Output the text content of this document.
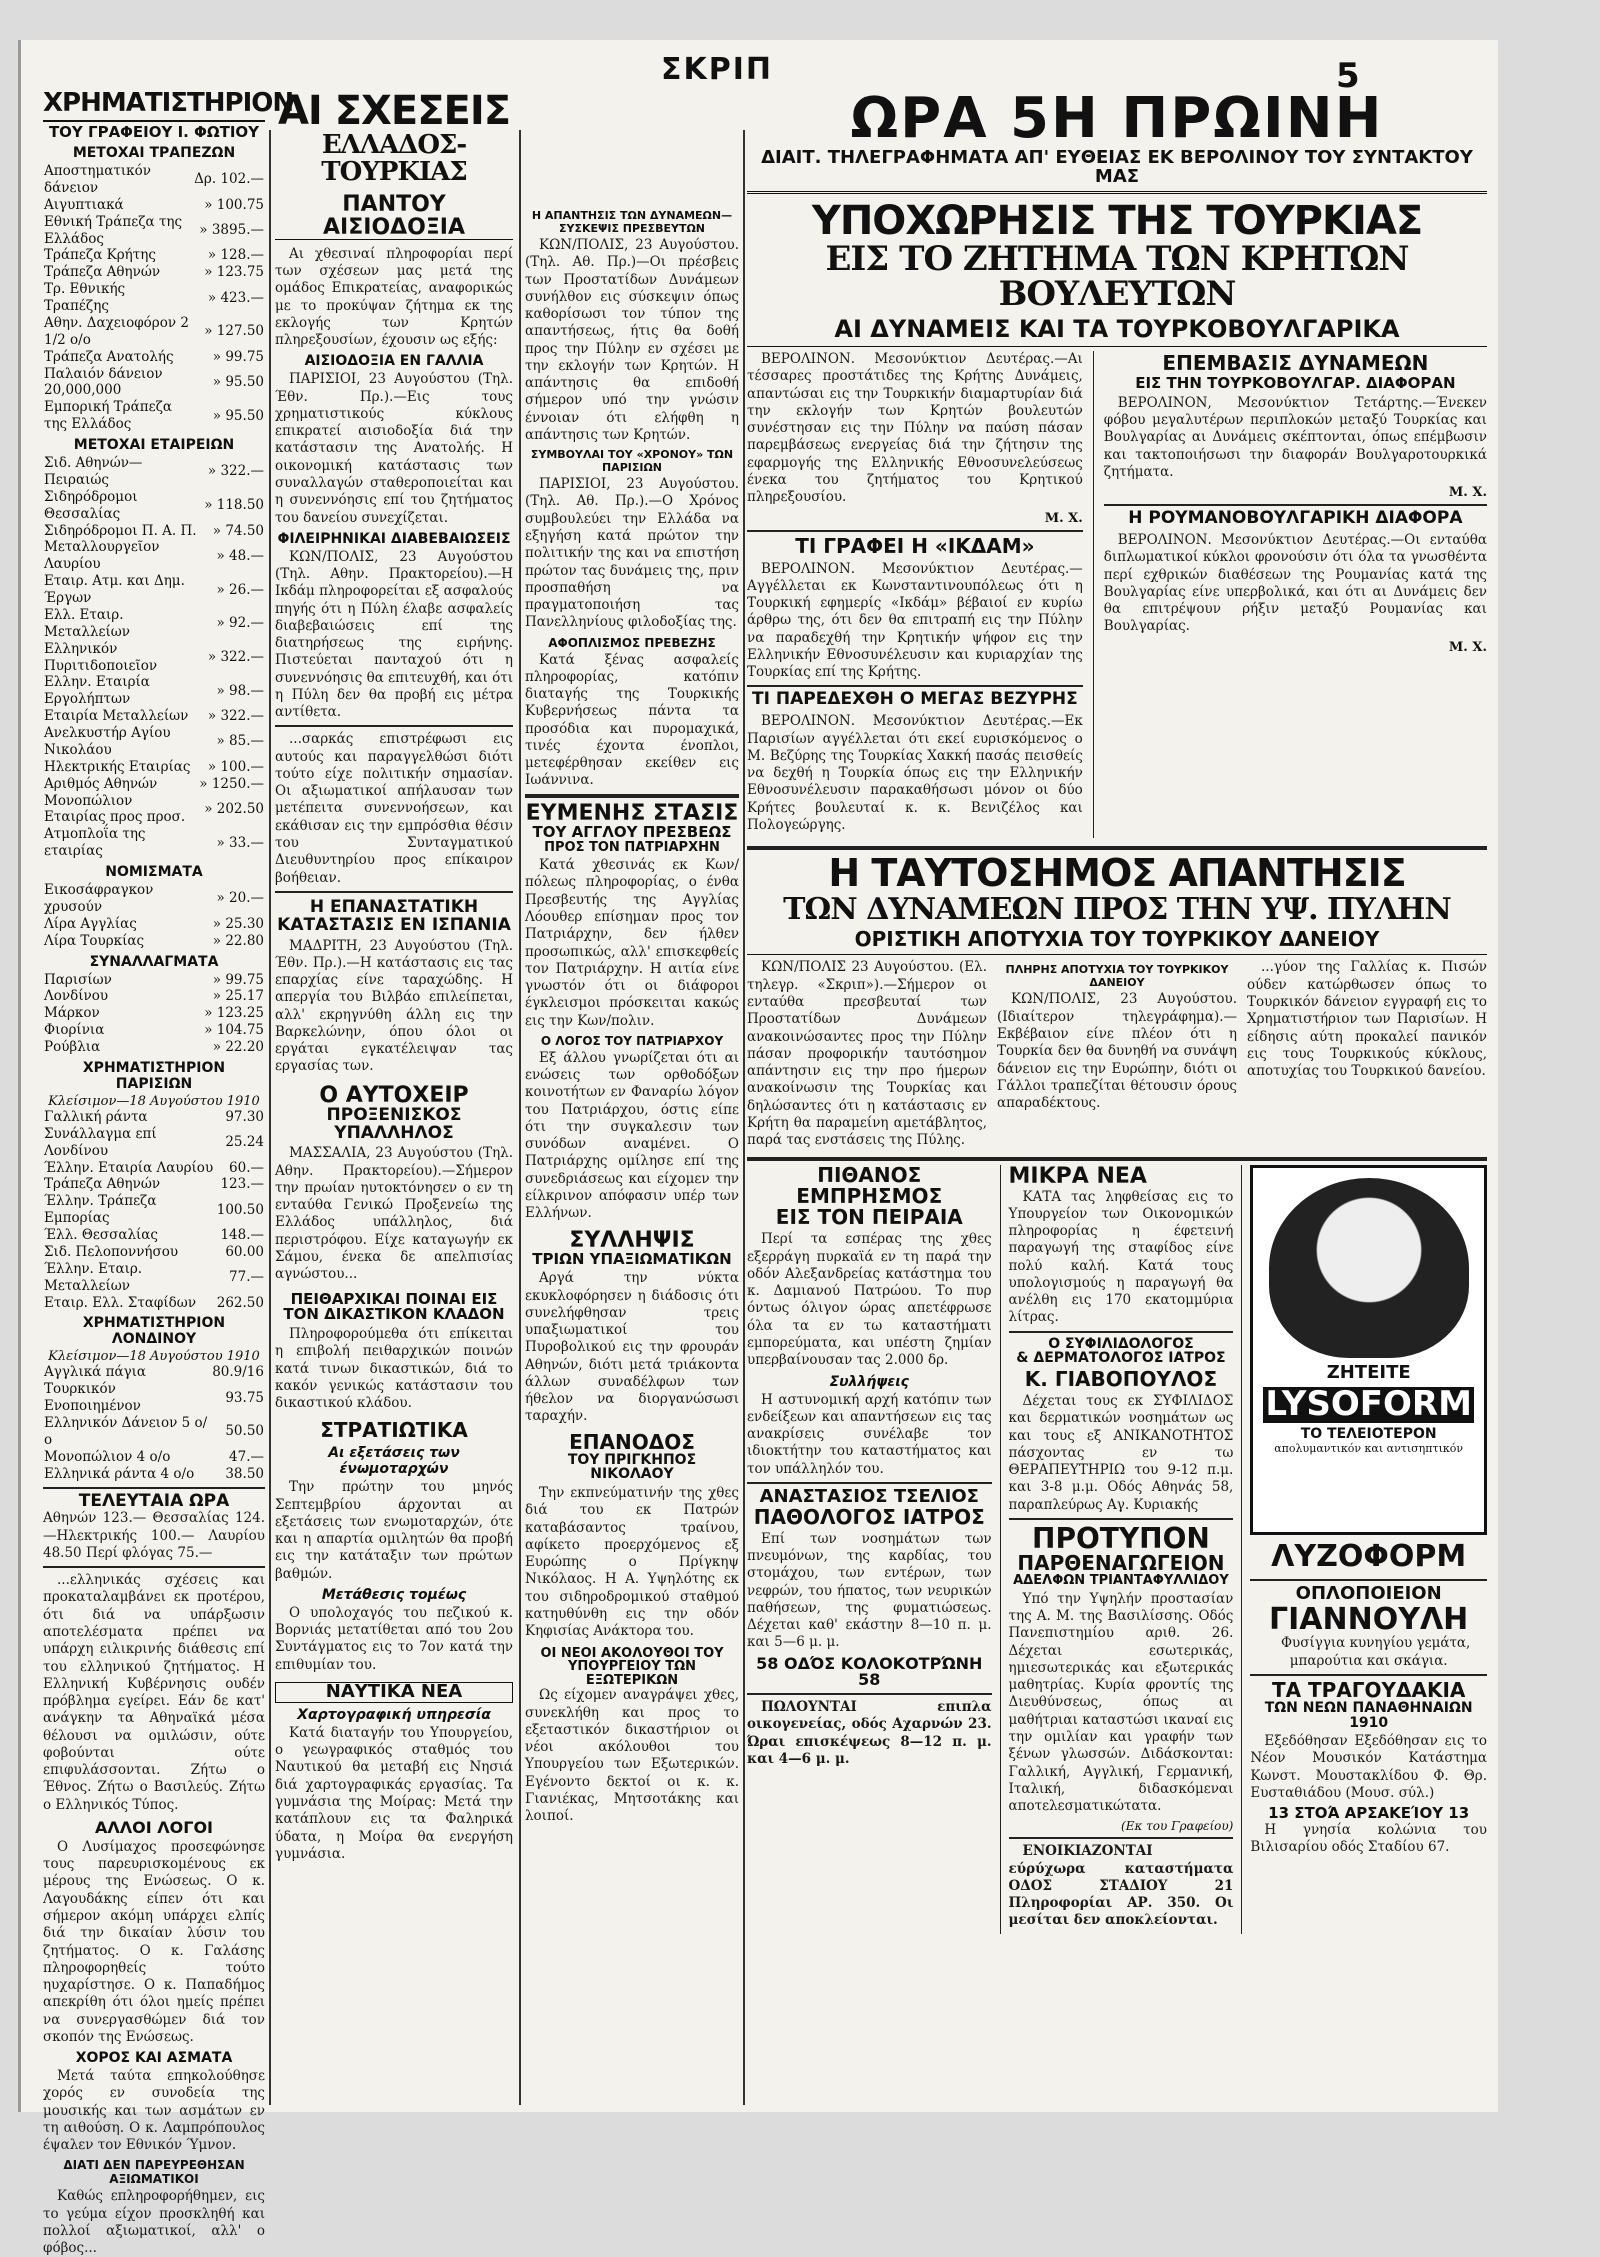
ΣΚΡΙΠ	5
ΧΡΗΜΑΤΙΣΤΗΡΙΟΝ
ΤΟΥ ΓΡΑΦΕΙΟΥ Ι. ΦΩΤΙΟΥ
ΜΕΤΟΧΑΙ ΤΡΑΠΕΖΩΝ
Αποστηματικόν δάνειον	Δρ. 102.—
Αιγυπτιακά	» 100.75
Εθνική Τράπεζα της Ελλάδος	» 3895.—
Τράπεζα Κρήτης	» 128.—
Τράπεζα Αθηνών	» 123.75
Τρ. Εθνικής Τραπέζης	» 423.—
Αθην. Δαχειοφόρον 2 1/2 ο/ο	» 127.50
Τράπεζα Ανατολής	» 99.75
Παλαιόν δάνειον 20,000,000	» 95.50
Εμπορική Τράπεζα της Ελλάδος	» 95.50
ΜΕΤΟΧΑΙ ΕΤΑΙΡΕΙΩΝ
Σιδ. Αθηνών—Πειραιώς	» 322.—
Σιδηρόδρομοι Θεσσαλίας	» 118.50
Σιδηρόδρομοι Π. Α. Π.	» 74.50
Μεταλλουργεῖον Λαυρίου	» 48.—
Εταιρ. Ατμ. και Δημ. Έργων	» 26.—
Ελλ. Εταιρ. Μεταλλείων	» 92.—
Ελληνικόν Πυριτιδοποιεῖον	» 322.—
Ελλην. Εταιρία Εργολήπτων	» 98.—
Εταιρία Μεταλλείων	» 322.—
Ανελκυστήρ Αγίου Νικολάου	» 85.—
Ηλεκτρικής Εταιρίας	» 100.—
Αριθμός Αθηνών	» 1250.—
Μονοπώλιον Εταιρίας προς προσ.	» 202.50
Ατμοπλοΐα της εταιρίας	» 33.—
ΝΟΜΙΣΜΑΤΑ
Εικοσάφραγκον χρυσούν	» 20.—
Λίρα Αγγλίας	» 25.30
Λίρα Τουρκίας	» 22.80
ΣΥΝΑΛΛΑΓΜΑΤΑ
Παρισίων	» 99.75
Λονδίνου	» 25.17
Μάρκον	» 123.25
Φιορίνια	» 104.75
Ρούβλια	» 22.20
ΧΡΗΜΑΤΙΣΤΗΡΙΟΝ ΠΑΡΙΣΙΩΝ
Κλείσιμον—18 Αυγούστου 1910
Γαλλική ράντα	97.30
Συνάλλαγμα επί Λονδίνου	25.24
Έλλην. Εταιρία Λαυρίου	60.—
Τράπεζα Αθηνών	123.—
Έλλην. Τράπεζα Εμπορίας	100.50
Έλλ. Θεσσαλίας	148.—
Σιδ. Πελοποννήσου	60.00
Έλλην. Εταιρ. Μεταλλείων	77.—
Εταιρ. Ελλ. Σταφίδων	262.50
ΧΡΗΜΑΤΙΣΤΗΡΙΟΝ ΛΟΝΔΙΝΟΥ
Κλείσιμον—18 Αυγούστου 1910
Αγγλικά πάγια	80.9/16
Τουρκικόν Ενοποιημένον	93.75
Ελληνικόν Δάνειον 5 ο/ο	50.50
Μονοπώλιον 4 ο/ο	47.—
Ελληνικά ράντα 4 ο/ο	38.50
ΤΕΛΕΥΤΑΙΑ ΩΡΑ
Αθηνών 123.— Θεσσαλίας 124.—Ηλεκτρικής 100.— Λαυρίου 48.50 Περί φλόγας 75.—

...ελληνικάς σχέσεις και προκαταλαμβάνει εκ προτέρου, ότι διά να υπάρξωσιν αποτελέσματα πρέπει να υπάρχη ειλικρινής διάθεσις επί του ελληνικού ζητήματος. Η Ελληνική Κυβέρνησις ουδέν πρόβλημα εγείρει. Εάν δε κατ' ανάγκην τα Αθηναϊκά μέσα θέλουσι να ομιλώσιν, ούτε φοβούνται ούτε επιφυλάσσονται. Ζήτω ο Έθνος. Ζήτω ο Βασιλεύς. Ζήτω ο Ελληνικός Τύπος.

ΑΛΛΟΙ ΛΟΓΟΙ

Ο Λυσίμαχος προσεφώνησε τους παρευρισκομένους εκ μέρους της Ενώσεως. Ο κ. Λαγουδάκης είπεν ότι και σήμερον ακόμη υπάρχει ελπίς διά την δικαίαν λύσιν του ζητήματος. Ο κ. Γαλάσης πληροφορηθείς τούτο ηυχαρίστησε. Ο κ. Παπαδήμος απεκρίθη ότι όλοι ημείς πρέπει να συνεργασθώμεν διά τον σκοπόν της Ενώσεως.

ΧΟΡΟΣ ΚΑΙ ΑΣΜΑΤΑ

Μετά ταύτα επηκολούθησε χορός εν συνοδεία της μουσικής και των ασμάτων εν τη αιθούση. Ο κ. Λαμπρόπουλος έψαλεν τον Εθνικόν Ύμνον.

ΔΙΑΤΙ ΔΕΝ ΠΑΡΕΥΡΕΘΗΣΑΝ ΑΞΙΩΜΑΤΙΚΟΙ

Καθώς επληροφορήθημεν, εις το γεύμα είχον προσκληθή και πολλοί αξιωματικοί, αλλ' ο φόβος...

ΑΙ ΣΧΕΣΕΙΣ
ΕΛΛΑΔΟΣ-ΤΟΥΡΚΙΑΣ
ΠΑΝΤΟΥ ΑΙΣΙΟΔΟΞΙΑ

Αι χθεσιναί πληροφορίαι περί των σχέσεων μας μετά της ομάδος Επικρατείας, αναφορικώς με το προκύψαν ζήτημα εκ της εκλογής των Κρητών πληρεξουσίων, έχουσιν ως εξής:

ΑΙΣΙΟΔΟΞΙΑ ΕΝ ΓΑΛΛΙΑ

ΠΑΡΙΣΙΟΙ, 23 Αυγούστου (Τηλ. Έθν. Πρ.).—Εις τους χρηματιστικούς κύκλους επικρατεί αισιοδοξία διά την κατάστασιν της Ανατολής. Η οικονομική κατάστασις των συναλλαγών σταθεροποιείται και η συνεννόησις επί του ζητήματος του δανείου συνεχίζεται.

ΦΙΛΕΙΡΗΝΙΚΑΙ ΔΙΑΒΕΒΑΙΩΣΕΙΣ

ΚΩΝ/ΠΟΛΙΣ, 23 Αυγούστου (Τηλ. Αθην. Πρακτορείου).—Η Ικδάμ πληροφορείται εξ ασφαλούς πηγής ότι η Πύλη έλαβε ασφαλείς διαβεβαιώσεις επί της διατηρήσεως της ειρήνης. Πιστεύεται πανταχού ότι η συνεννόησις θα επιτευχθή, και ότι η Πύλη δεν θα προβή εις μέτρα αντίθετα.

...σαρκάς επιστρέφωσι εις αυτούς και παραγγελθώσι διότι τούτο είχε πολιτικήν σημασίαν. Οι αξιωματικοί απήλαυσαν των μετέπειτα συνεννοήσεων, και εκάθισαν εις την εμπρόσθια θέσιν του Συνταγματικού Διευθυντηρίου προς επίκαιρον βοήθειαν.

Η ΕΠΑΝΑΣΤΑΤΙΚΗ ΚΑΤΑΣΤΑΣΙΣ ΕΝ ΙΣΠΑΝΙΑ

ΜΑΔΡΙΤΗ, 23 Αυγούστου (Τηλ. Έθν. Πρ.).—Η κατάστασις εις τας επαρχίας είνε ταραχώδης. Η απεργία του Βιλβάο επιλείπεται, αλλ' εκρηγνύθη άλλη εις την Βαρκελώνην, όπου όλοι οι εργάται εγκατέλειψαν τας εργασίας των.

Ο ΑΥΤΟΧΕΙΡ
ΠΡΟΞΕΝΙΣΚΟΣ ΥΠΑΛΛΗΛΟΣ

ΜΑΣΣΑΛΙΑ, 23 Αυγούστου (Τηλ. Αθην. Πρακτορείου).—Σήμερον την πρωίαν ηυτοκτόνησεν ο εν τη ενταύθα Γενικώ Προξενείω της Ελλάδος υπάλληλος, διά περιστρόφου. Είχε καταγωγήν εκ Σάμου, ένεκα δε απελπισίας αγνώστου...

ΠΕΙΘΑΡΧΙΚΑΙ ΠΟΙΝΑΙ ΕΙΣ ΤΟΝ ΔΙΚΑΣΤΙΚΟΝ ΚΛΑΔΟΝ

Πληροφορούμεθα ότι επίκειται η επιβολή πειθαρχικών ποινών κατά τινων δικαστικών, διά το κακόν γενικώς κατάστασιν του δικαστικού κλάδου.

ΣΤΡΑΤΙΩΤΙΚΑ
Αι εξετάσεις των ένωμοταρχών

Την πρώτην του μηνός Σεπτεμβρίου άρχονται αι εξετάσεις των ενωμοταρχών, ότε και η απαρτία ομιλητών θα προβή εις την κατάταξιν των πρώτων βαθμών.

Μετάθεσις τομέως

Ο υπολοχαγός του πεζικού κ. Βορνιάς μετατίθεται από του 2ου Συντάγματος εις το 7ον κατά την επιθυμίαν του.

ΝΑΥΤΙΚΑ ΝΕΑ
Χαρτογραφική υπηρεσία

Κατά διαταγήν του Υπουργείου, ο γεωγραφικός σταθμός του Ναυτικού θα μεταβή εις Νησιά διά χαρτογραφικάς εργασίας. Τα γυμνάσια της Μοίρας: Μετά την κατάπλουν εις τα Φαληρικά ύδατα, η Μοίρα θα ενεργήση γυμνάσια.

Η ΑΠΑΝΤΗΣΙΣ ΤΩΝ ΔΥΝΑΜΕΩΝ—ΣΥΣΚΕΨΙΣ ΠΡΕΣΒΕΥΤΩΝ

ΚΩΝ/ΠΟΛΙΣ, 23 Αυγούστου. (Τηλ. Αθ. Πρ.)—Οι πρέσβεις των Προστατίδων Δυνάμεων συνήλθον εις σύσκεψιν όπως καθορίσωσι τον τύπον της απαντήσεως, ήτις θα δοθή προς την Πύλην εν σχέσει με την εκλογήν των Κρητών. Η απάντησις θα επιδοθή σήμερον υπό την γνώσιν έννοιαν ότι ελήφθη η απάντησις των Κρητών.

ΣΥΜΒΟΥΛΑΙ ΤΟΥ «ΧΡΟΝΟΥ» ΤΩΝ ΠΑΡΙΣΙΩΝ

ΠΑΡΙΣΙΟΙ, 23 Αυγούστου. (Τηλ. Αθ. Πρ.).—Ο Χρόνος συμβουλεύει την Ελλάδα να εξηγήση κατά πρώτον την πολιτικήν της και να επιστήση πρώτον τας δυνάμεις της, πριν προσπαθήση να πραγματοποιήση τας Πανελληνίους φιλοδοξίας της.

ΑΦΟΠΛΙΣΜΟΣ ΠΡΕΒΕΖΗΣ

Κατά ξένας ασφαλείς πληροφορίας, κατόπιν διαταγής της Τουρκικής Κυβερνήσεως πάντα τα προσόδια και πυρομαχικά, τινές έχοντα ένοπλοι, μετεφέρθησαν εκείθεν εις Ιωάννινα.

ΕΥΜΕΝΗΣ ΣΤΑΣΙΣ
ΤΟΥ ΑΓΓΛΟΥ ΠΡΕΣΒΕΩΣ
ΠΡΟΣ ΤΟΝ ΠΑΤΡΙΑΡΧΗΝ

Κατά χθεσινάς εκ Κων/πόλεως πληροφορίας, ο ένθα Πρεσβευτής της Αγγλίας Λόουθερ επίσημαν προς τον Πατριάρχην, δεν ήλθεν προσωπικώς, αλλ' επισκεφθείς τον Πατριάρχην. Η αιτία είνε γνωστόν ότι οι διάφοροι έγκλεισμοι πρόσκειται κακώς εις την Κων/πολιν.

Ο ΛΟΓΟΣ ΤΟΥ ΠΑΤΡΙΑΡΧΟΥ

Εξ άλλου γνωρίζεται ότι αι ενώσεις των ορθοδόξων κοινοτήτων εν Φαναρίω λόγον του Πατριάρχου, όστις είπε ότι την συγκαλεσιν των συνόδων αναμένει. Ο Πατριάρχης ομίλησε επί της συνεδριάσεως και είχομεν την είλκρινον απόφασιν υπέρ των Ελλήνων.

ΣΥΛΛΗΨΙΣ
ΤΡΙΩΝ ΥΠΑΞΙΩΜΑΤΙΚΩΝ

Αργά την νύκτα εκυκλοφόρησεν η διάδοσις ότι συνελήφθησαν τρεις υπαξιωματικοί του Πυροβολικού εις την φρουράν Αθηνών, διότι μετά τριάκοντα άλλων συναδέλφων των ήθελον να διοργανώσωσι ταραχήν.

ΕΠΑΝΟΔΟΣ
ΤΟΥ ΠΡΙΓΚΗΠΟΣ ΝΙΚΟΛΑΟΥ

Την εκπνεύματινήν της χθες διά του εκ Πατρών καταβάσαντος τραίνου, αφίκετο προερχόμενος εξ Ευρώπης ο Πρίγκηψ Νικόλαος. Η Α. Υψηλότης εκ του σιδηροδρομικού σταθμού κατηυθύνθη εις την οδόν Κηφισίας Ανάκτορα του.

ΟΙ ΝΕΟΙ ΑΚΟΛΟΥΘΟΙ ΤΟΥ ΥΠΟΥΡΓΕΙΟΥ ΤΩΝ ΕΞΩΤΕΡΙΚΩΝ

Ως είχομεν αναγράψει χθες, συνεκλήθη και προς το εξεταστικόν δικαστήριον οι νέοι ακόλουθοι του Υπουργείου των Εξωτερικών. Εγένοντο δεκτοί οι κ. κ. Γιανιέκας, Μητσοτάκης και λοιποί.

ΩΡΑ 5Η ΠΡΩΙΝΗ
ΔΙΑΙΤ. ΤΗΛΕΓΡΑΦΗΜΑΤΑ ΑΠ' ΕΥΘΕΙΑΣ ΕΚ ΒΕΡΟΛΙΝΟΥ ΤΟΥ ΣΥΝΤΑΚΤΟΥ ΜΑΣ
ΥΠΟΧΩΡΗΣΙΣ ΤΗΣ ΤΟΥΡΚΙΑΣ
ΕΙΣ ΤΟ ΖΗΤΗΜΑ ΤΩΝ ΚΡΗΤΩΝ ΒΟΥΛΕΥΤΩΝ
ΑΙ ΔΥΝΑΜΕΙΣ ΚΑΙ ΤΑ ΤΟΥΡΚΟΒΟΥΛΓΑΡΙΚΑ

ΒΕΡΟΛΙΝΟΝ. Μεσονύκτιον Δευτέρας.—Αι τέσσαρες προστάτιδες της Κρήτης Δυνάμεις, απαντώσαι εις την Τουρκικήν διαμαρτυρίαν διά την εκλογήν των Κρητών βουλευτών συνέστησαν εις την Πύλην να παύση πάσαν παρεμβάσεως ενεργείας διά την ζήτησιν της εφαρμογής της Ελληνικής Εθνοσυνελεύσεως ένεκα του ζητήματος του Κρητικού πληρεξουσίου.

Μ. Χ.
ΤΙ ΓΡΑΦΕΙ Η «ΙΚΔΑΜ»

ΒΕΡΟΛΙΝΟΝ. Μεσονύκτιον Δευτέρας.—Αγγέλλεται εκ Κωνσταντινουπόλεως ότι η Τουρκική εφημερίς «Ικδάμ» βέβαιοί εν κυρίω άρθρω της, ότι δεν θα επιτραπή εις την Πύλην να παραδεχθή την Κρητικήν ψήφον εις την Ελληνικήν Εθνοσυνέλευσιν και κυριαρχίαν της Τουρκίας επί της Κρήτης.

ΤΙ ΠΑΡΕΔΕΧΘΗ Ο ΜΕΓΑΣ ΒΕΖΥΡΗΣ

ΒΕΡΟΛΙΝΟΝ. Μεσονύκτιον Δευτέρας.—Εκ Παρισίων αγγέλλεται ότι εκεί ευρισκόμενος ο Μ. Βεζύρης της Τουρκίας Χακκή πασάς πεισθείς να δεχθή η Τουρκία όπως εις την Ελληνικήν Εθνοσυνέλευσιν παρακαθήσωσι μόνον οι δύο Κρήτες βουλευταί κ. κ. Βενιζέλος και Πολογεώργης.

ΕΠΕΜΒΑΣΙΣ ΔΥΝΑΜΕΩΝ
ΕΙΣ ΤΗΝ ΤΟΥΡΚΟΒΟΥΛΓΑΡ. ΔΙΑΦΟΡΑΝ

ΒΕΡΟΛΙΝΟΝ, Μεσονύκτιον Τετάρτης.—Ένεκεν φόβου μεγαλυτέρων περιπλοκών μεταξύ Τουρκίας και Βουλγαρίας αι Δυνάμεις σκέπτονται, όπως επέμβωσιν και τακτοποιήσωσι την διαφοράν Βουλγαροτουρκικά ζητήματα.

Μ. Χ.
Η ΡΟΥΜΑΝΟΒΟΥΛΓΑΡΙΚΗ ΔΙΑΦΟΡΑ

ΒΕΡΟΛΙΝΟΝ. Μεσονύκτιον Δευτέρας.—Οι ενταύθα διπλωματικοί κύκλοι φρονούσιν ότι όλα τα γνωσθέντα περί εχθρικών διαθέσεων της Ρουμανίας κατά της Βουλγαρίας είνε υπερβολικά, και ότι αι Δυνάμεις δεν θα επιτρέψουν ρήξιν μεταξύ Ρουμανίας και Βουλγαρίας.

Μ. Χ.
Η ΤΑΥΤΟΣΗΜΟΣ ΑΠΑΝΤΗΣΙΣ
ΤΩΝ ΔΥΝΑΜΕΩΝ ΠΡΟΣ ΤΗΝ ΥΨ. ΠΥΛΗΝ
ΟΡΙΣΤΙΚΗ ΑΠΟΤΥΧΙΑ ΤΟΥ ΤΟΥΡΚΙΚΟΥ ΔΑΝΕΙΟΥ

ΚΩΝ/ΠΟΛΙΣ 23 Αυγούστου. (Ελ. τηλεγρ. «Σκριπ»).—Σήμερον οι ενταύθα πρεσβευταί των Προστατίδων Δυνάμεων ανακοινώσαντες προς την Πύλην πάσαν προφορικήν ταυτόσημον απάντησιν εις την προ ήμερων ανακοίνωσιν της Τουρκίας και δηλώσαντες ότι η κατάστασις εν Κρήτη θα παραμείνη αμετάβλητος, παρά τας ενστάσεις της Πύλης.

ΠΛΗΡΗΣ ΑΠΟΤΥΧΙΑ ΤΟΥ ΤΟΥΡΚΙΚΟΥ ΔΑΝΕΙΟΥ

ΚΩΝ/ΠΟΛΙΣ, 23 Αυγούστου. (Ιδιαίτερον τηλεγράφημα).—Εκβέβαιον είνε πλέον ότι η Τουρκία δεν θα δυνηθή να συνάψη δάνειον εις την Ευρώπην, διότι οι Γάλλοι τραπεζίται θέτουσιν όρους απαραδέκτους.

...γύον της Γαλλίας κ. Πισών ούδεν κατώρθωσεν όπως το Τουρκικόν δάνειον εγγραφή εις το Χρηματιστήριον των Παρισίων. Η είδησις αύτη προκαλεί πανικόν εις τους Τουρκικούς κύκλους, αποτυχίας του Τουρκικού δανείου.

ΠΙΘΑΝΟΣ ΕΜΠΡΗΣΜΟΣ
ΕΙΣ ΤΟΝ ΠΕΙΡΑΙΑ

Περί τα εσπέρας της χθες εξερράγη πυρκαϊά εν τη παρά την οδόν Αλεξανδρείας κατάστημα του κ. Δαμιανού Πατρώου. Το πυρ όντως όλιγον ώρας απετέφρωσε όλα τα εν τω καταστήματι εμπορεύματα, και υπέστη ζημίαν υπερβαίνουσαν τας 2.000 δρ.

Συλλήψεις

Η αστυνομική αρχή κατόπιν των ενδείξεων και απαντήσεων εις τας ανακρίσεις συνέλαβε τον ιδιοκτήτην του καταστήματος και τον υπάλληλόν του.

ΑΝΑΣΤΑΣΙΟΣ ΤΣΕΛΙΟΣ
ΠΑΘΟΛΟΓΟΣ ΙΑΤΡΟΣ

Επί των νοσημάτων των πνευμόνων, της καρδίας, του στομάχου, των εντέρων, των νεφρών, του ήπατος, των νευρικών παθήσεων, της φυματιώσεως. Δέχεται καθ' εκάστην 8—10 π. μ. και 5—6 μ. μ.

58 ΟΔΌΣ ΚΟΛΟΚΟΤΡΏΝΗ 58

ΠΩΛΟΥΝΤΑΙ επιπλα οικογενείας, οδός Αχαρνών 23. Ώραι επισκέψεως 8—12 π. μ. και 4—6 μ. μ.

ΜΙΚΡΑ ΝΕΑ

ΚΑΤΑ τας ληφθείσας εις το Υπουργείον των Οικονομικών πληροφορίας η έφετεινή παραγωγή της σταφίδος είνε πολύ καλή. Κατά τους υπολογισμούς η παραγωγή θα ανέλθη εις 170 εκατομμύρια λίτρας.

Ο ΣΥΦΙΛΙΔΟΛΟΓΟΣ
& ΔΕΡΜΑΤΟΛΟΓΟΣ ΙΑΤΡΟΣ
Κ. ΓΙΑΒΟΠΟΥΛΟΣ

Δέχεται τους εκ ΣΥΦΙΛΙΔΟΣ και δερματικών νοσημάτων ως και τους εξ ΑΝΙΚΑΝΟΤΗΤΟΣ πάσχοντας εν τω ΘΕΡΑΠΕΥΤΗΡΙΩ του 9-12 π.μ. και 3-8 μ.μ. Οδός Αθηνάς 58, παραπλεύρως Αγ. Κυριακής

ΠΡΟΤΥΠΟΝ
ΠΑΡΘΕΝΑΓΩΓΕΙΟΝ
ΑΔΕΛΦΩΝ ΤΡΙΑΝΤΑΦΥΛΛΙΔΟΥ

Υπό την Υψηλήν προστασίαν της Α. Μ. της Βασιλίσσης. Οδός Πανεπιστημίου αριθ. 26. Δέχεται εσωτερικάς, ημιεσωτερικάς και εξωτερικάς μαθητρίας. Κυρία φροντίς της Διευθύνσεως, όπως αι μαθήτριαι καταστώσι ικαναί εις την ομιλίαν και γραφήν των ξένων γλωσσών. Διδάσκονται: Γαλλική, Αγγλική, Γερμανική, Ιταλική, διδασκόμεναι αποτελεσματικώτατα.

(Εκ του Γραφείου)

ΕΝΟΙΚΙΑΖΟΝΤΑΙ εύρύχωρα καταστήματα ΟΔΟΣ ΣΤΑΔΙΟΥ 21 Πληροφορίαι ΑΡ. 350. Οι μεσίται δεν αποκλείονται.

ΖΗΤΕΙΤΕ
LYSOFORM
ΤΟ ΤΕΛΕΙΟΤΕΡΟΝ
απολυμαντικόν και αντισηπτικόν
ΛΥΖΟΦΟΡΜ
ΟΠΛΟΠΟΙΕΙΟΝ
ΓΙΑΝΝΟΥΛΗ

Φυσίγγια κυνηγίου γεμάτα, μπαρούτια και σκάγια.

ΤΑ ΤΡΑΓΟΥΔΑΚΙΑ
ΤΩΝ ΝΕΩΝ ΠΑΝΑΘΗΝΑΙΩΝ 1910

Εξεδόθησαν Εξεδόθησαν εις το Νέον Μουσικόν Κατάστημα Κωνστ. Μουστακλίδου Φ. Θρ. Ευσταθιάδου (Μουσ. σύλ.)

13 ΣΤΟΆ ΑΡΣΑΚΕΊΟΥ 13

Η γνησία κολώνια του Βιλισαρίου οδός Σταδίου 67.
